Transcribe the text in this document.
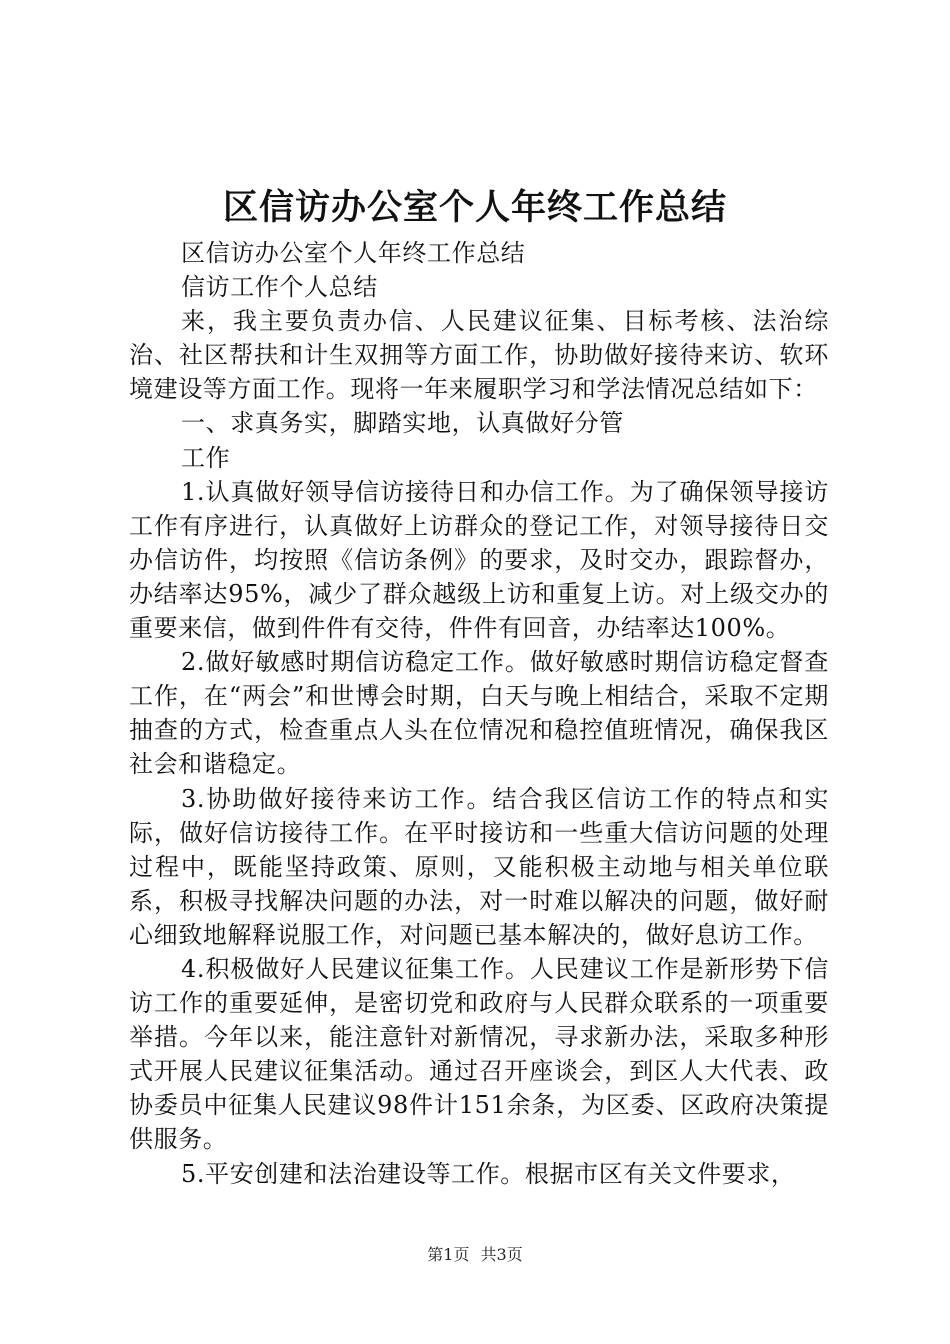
区信访办公室个人年终工作总结

区信访办公室个人年终工作总结

信访工作个人总结

来，我主要负责办信、人民建议征集、目标考核、法治综治、社区帮扶和计生双拥等方面工作，协助做好接待来访、软环境建设等方面工作。现将一年来履职学习和学法情况总结如下：

一、求真务实，脚踏实地，认真做好分管

工作

1.认真做好领导信访接待日和办信工作。为了确保领导接访工作有序进行，认真做好上访群众的登记工作，对领导接待日交办信访件，均按照《信访条例》的要求，及时交办，跟踪督办，办结率达95%，减少了群众越级上访和重复上访。对上级交办的重要来信，做到件件有交待，件件有回音，办结率达100%。

2.做好敏感时期信访稳定工作。做好敏感时期信访稳定督查工作，在“两会”和世博会时期，白天与晚上相结合，采取不定期抽查的方式，检查重点人头在位情况和稳控值班情况，确保我区社会和谐稳定。

3.协助做好接待来访工作。结合我区信访工作的特点和实际，做好信访接待工作。在平时接访和一些重大信访问题的处理过程中，既能坚持政策、原则，又能积极主动地与相关单位联系，积极寻找解决问题的办法，对一时难以解决的问题，做好耐心细致地解释说服工作，对问题已基本解决的，做好息访工作。

4.积极做好人民建议征集工作。人民建议工作是新形势下信访工作的重要延伸，是密切党和政府与人民群众联系的一项重要举措。今年以来，能注意针对新情况，寻求新办法，采取多种形式开展人民建议征集活动。通过召开座谈会，到区人大代表、政协委员中征集人民建议98件计151余条，为区委、区政府决策提供服务。

5.平安创建和法治建设等工作。根据市区有关文件要求，

第1页 共3页
